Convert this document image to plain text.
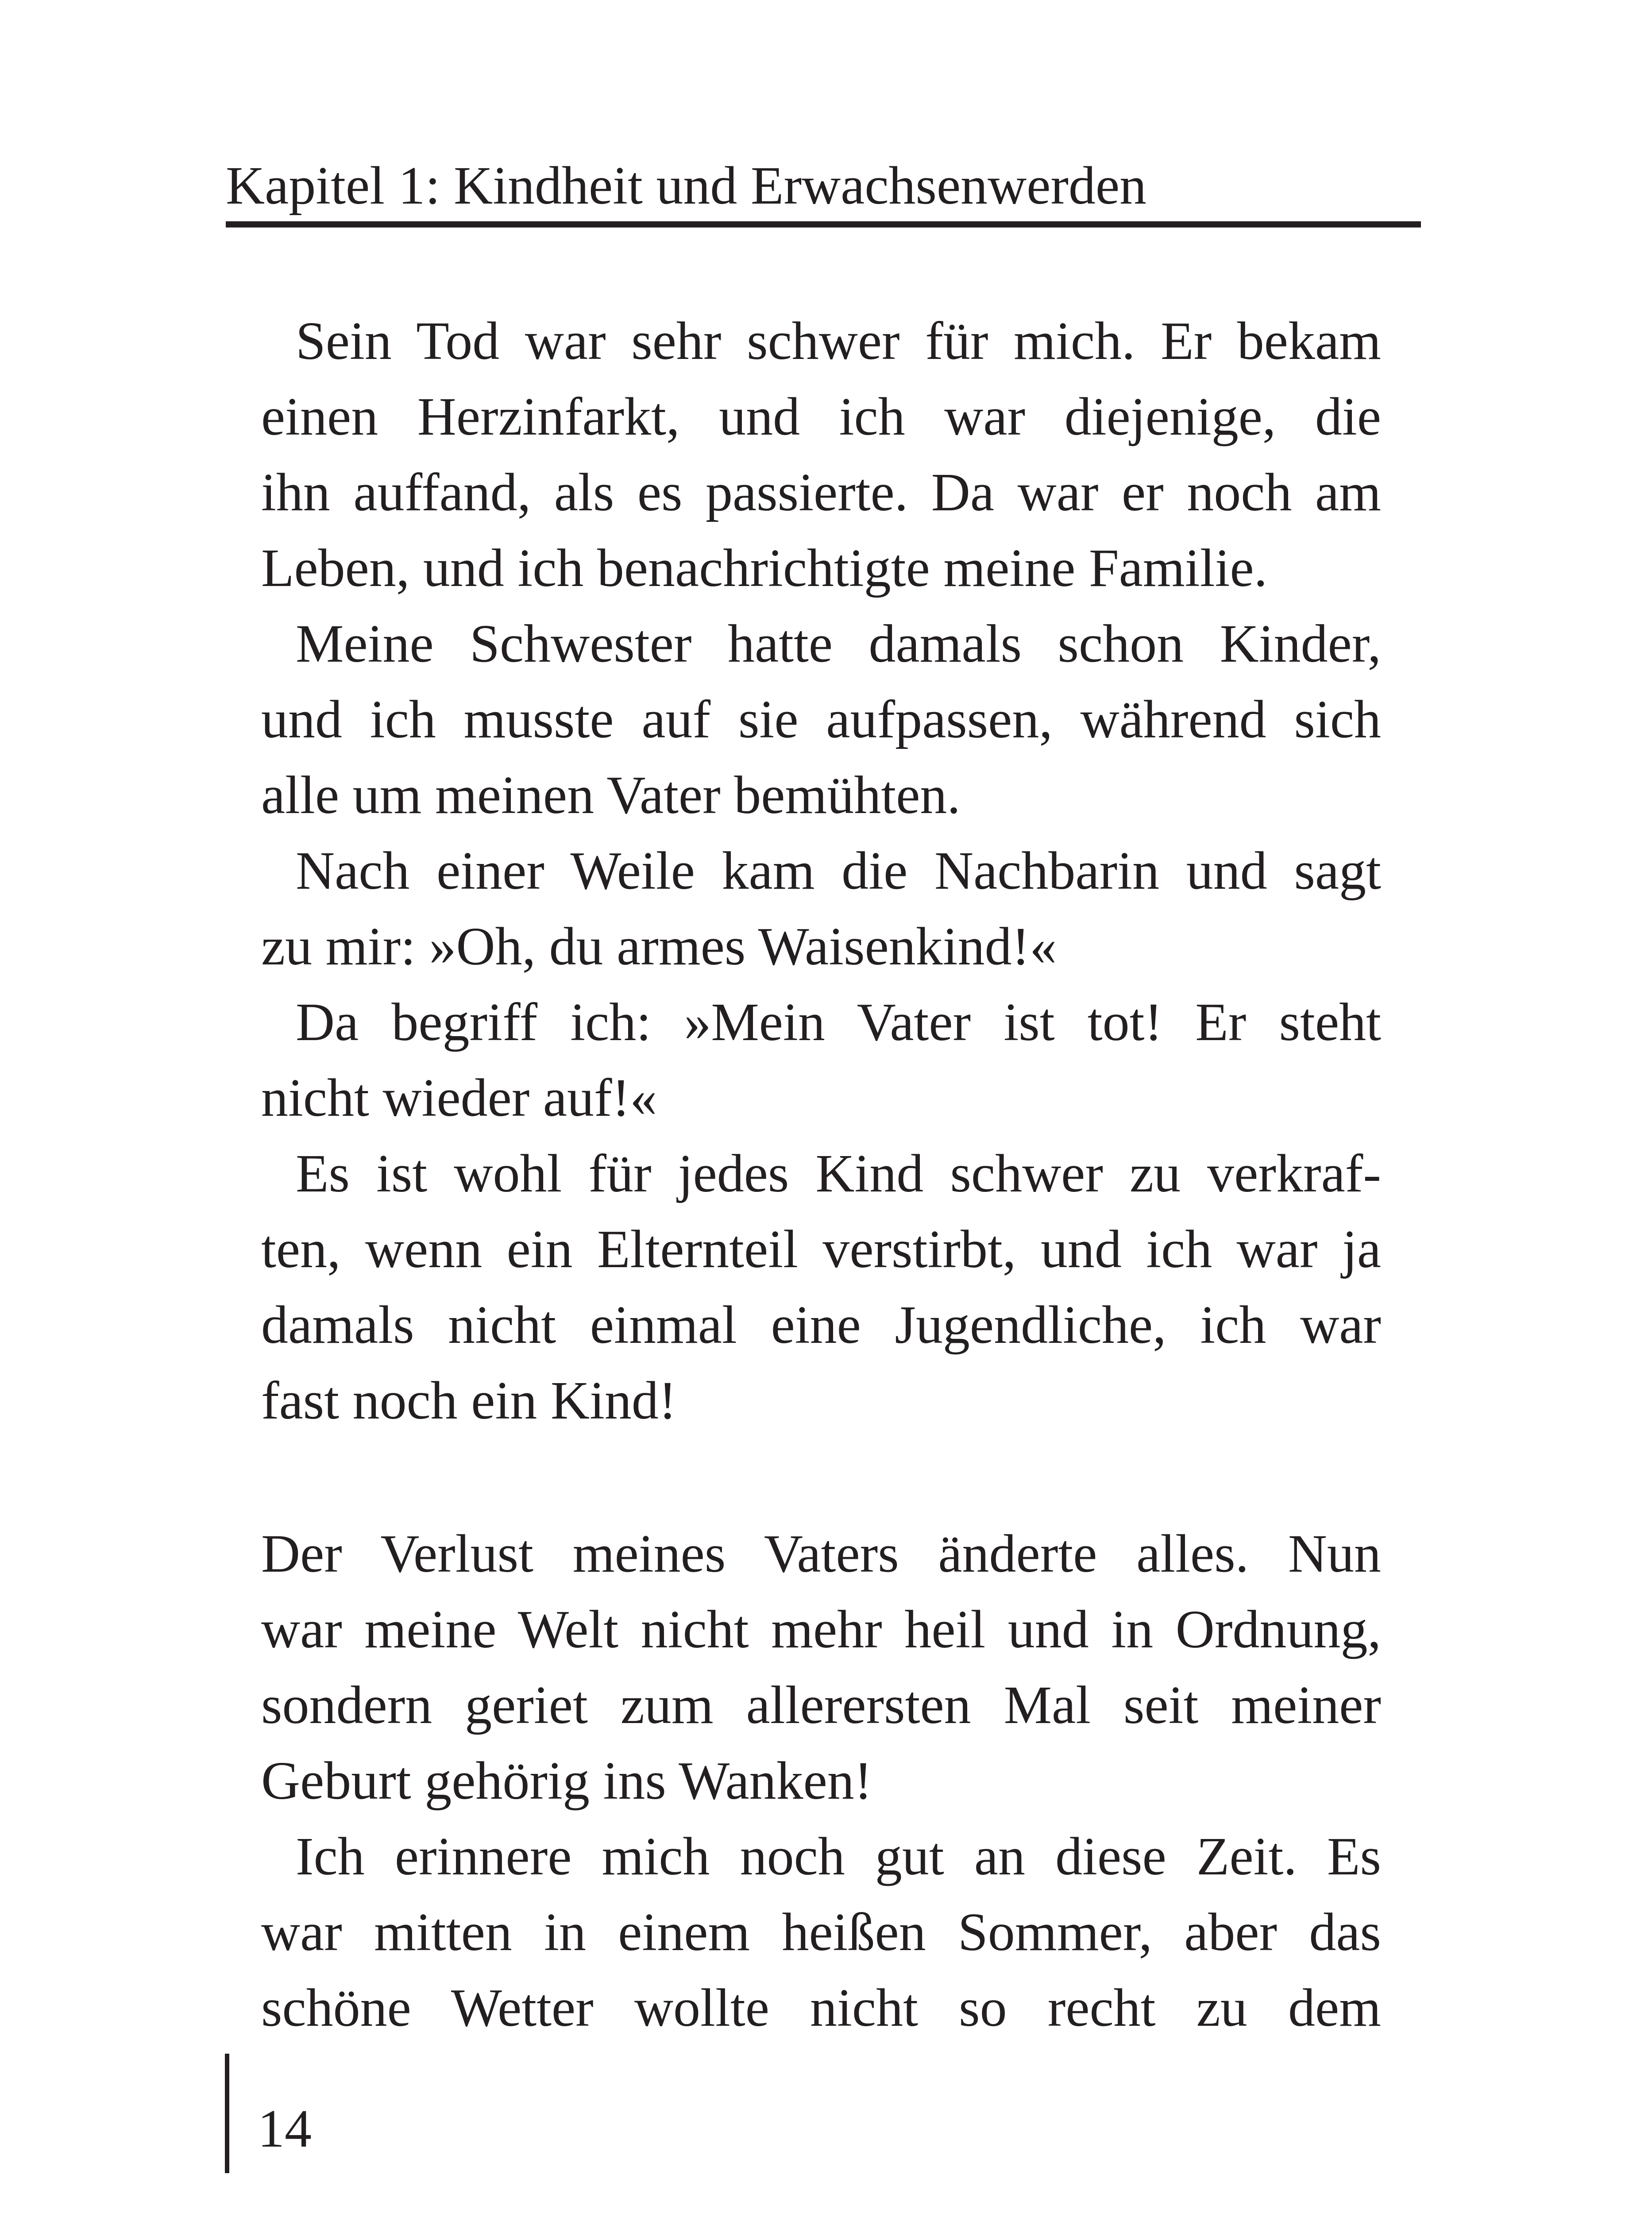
Kapitel 1: Kindheit und Erwachsenwerden
Sein Tod war sehr schwer für mich. Er bekam
einen Herzinfarkt, und ich war diejenige, die
ihn auffand, als es passierte. Da war er noch am
Leben, und ich benachrichtigte meine Familie.
Meine Schwester hatte damals schon Kinder,
und ich musste auf sie aufpassen, während sich
alle um meinen Vater bemühten.
Nach einer Weile kam die Nachbarin und sagt
zu mir: »Oh, du armes Waisenkind!«
Da begriff ich: »Mein Vater ist tot! Er steht
nicht wieder auf!«
Es ist wohl für jedes Kind schwer zu verkraf-
ten, wenn ein Elternteil verstirbt, und ich war ja
damals nicht einmal eine Jugendliche, ich war
fast noch ein Kind!
Der Verlust meines Vaters änderte alles. Nun
war meine Welt nicht mehr heil und in Ordnung,
sondern geriet zum allerersten Mal seit meiner
Geburt gehörig ins Wanken!
Ich erinnere mich noch gut an diese Zeit. Es
war mitten in einem heißen Sommer, aber das
schöne Wetter wollte nicht so recht zu dem
14
